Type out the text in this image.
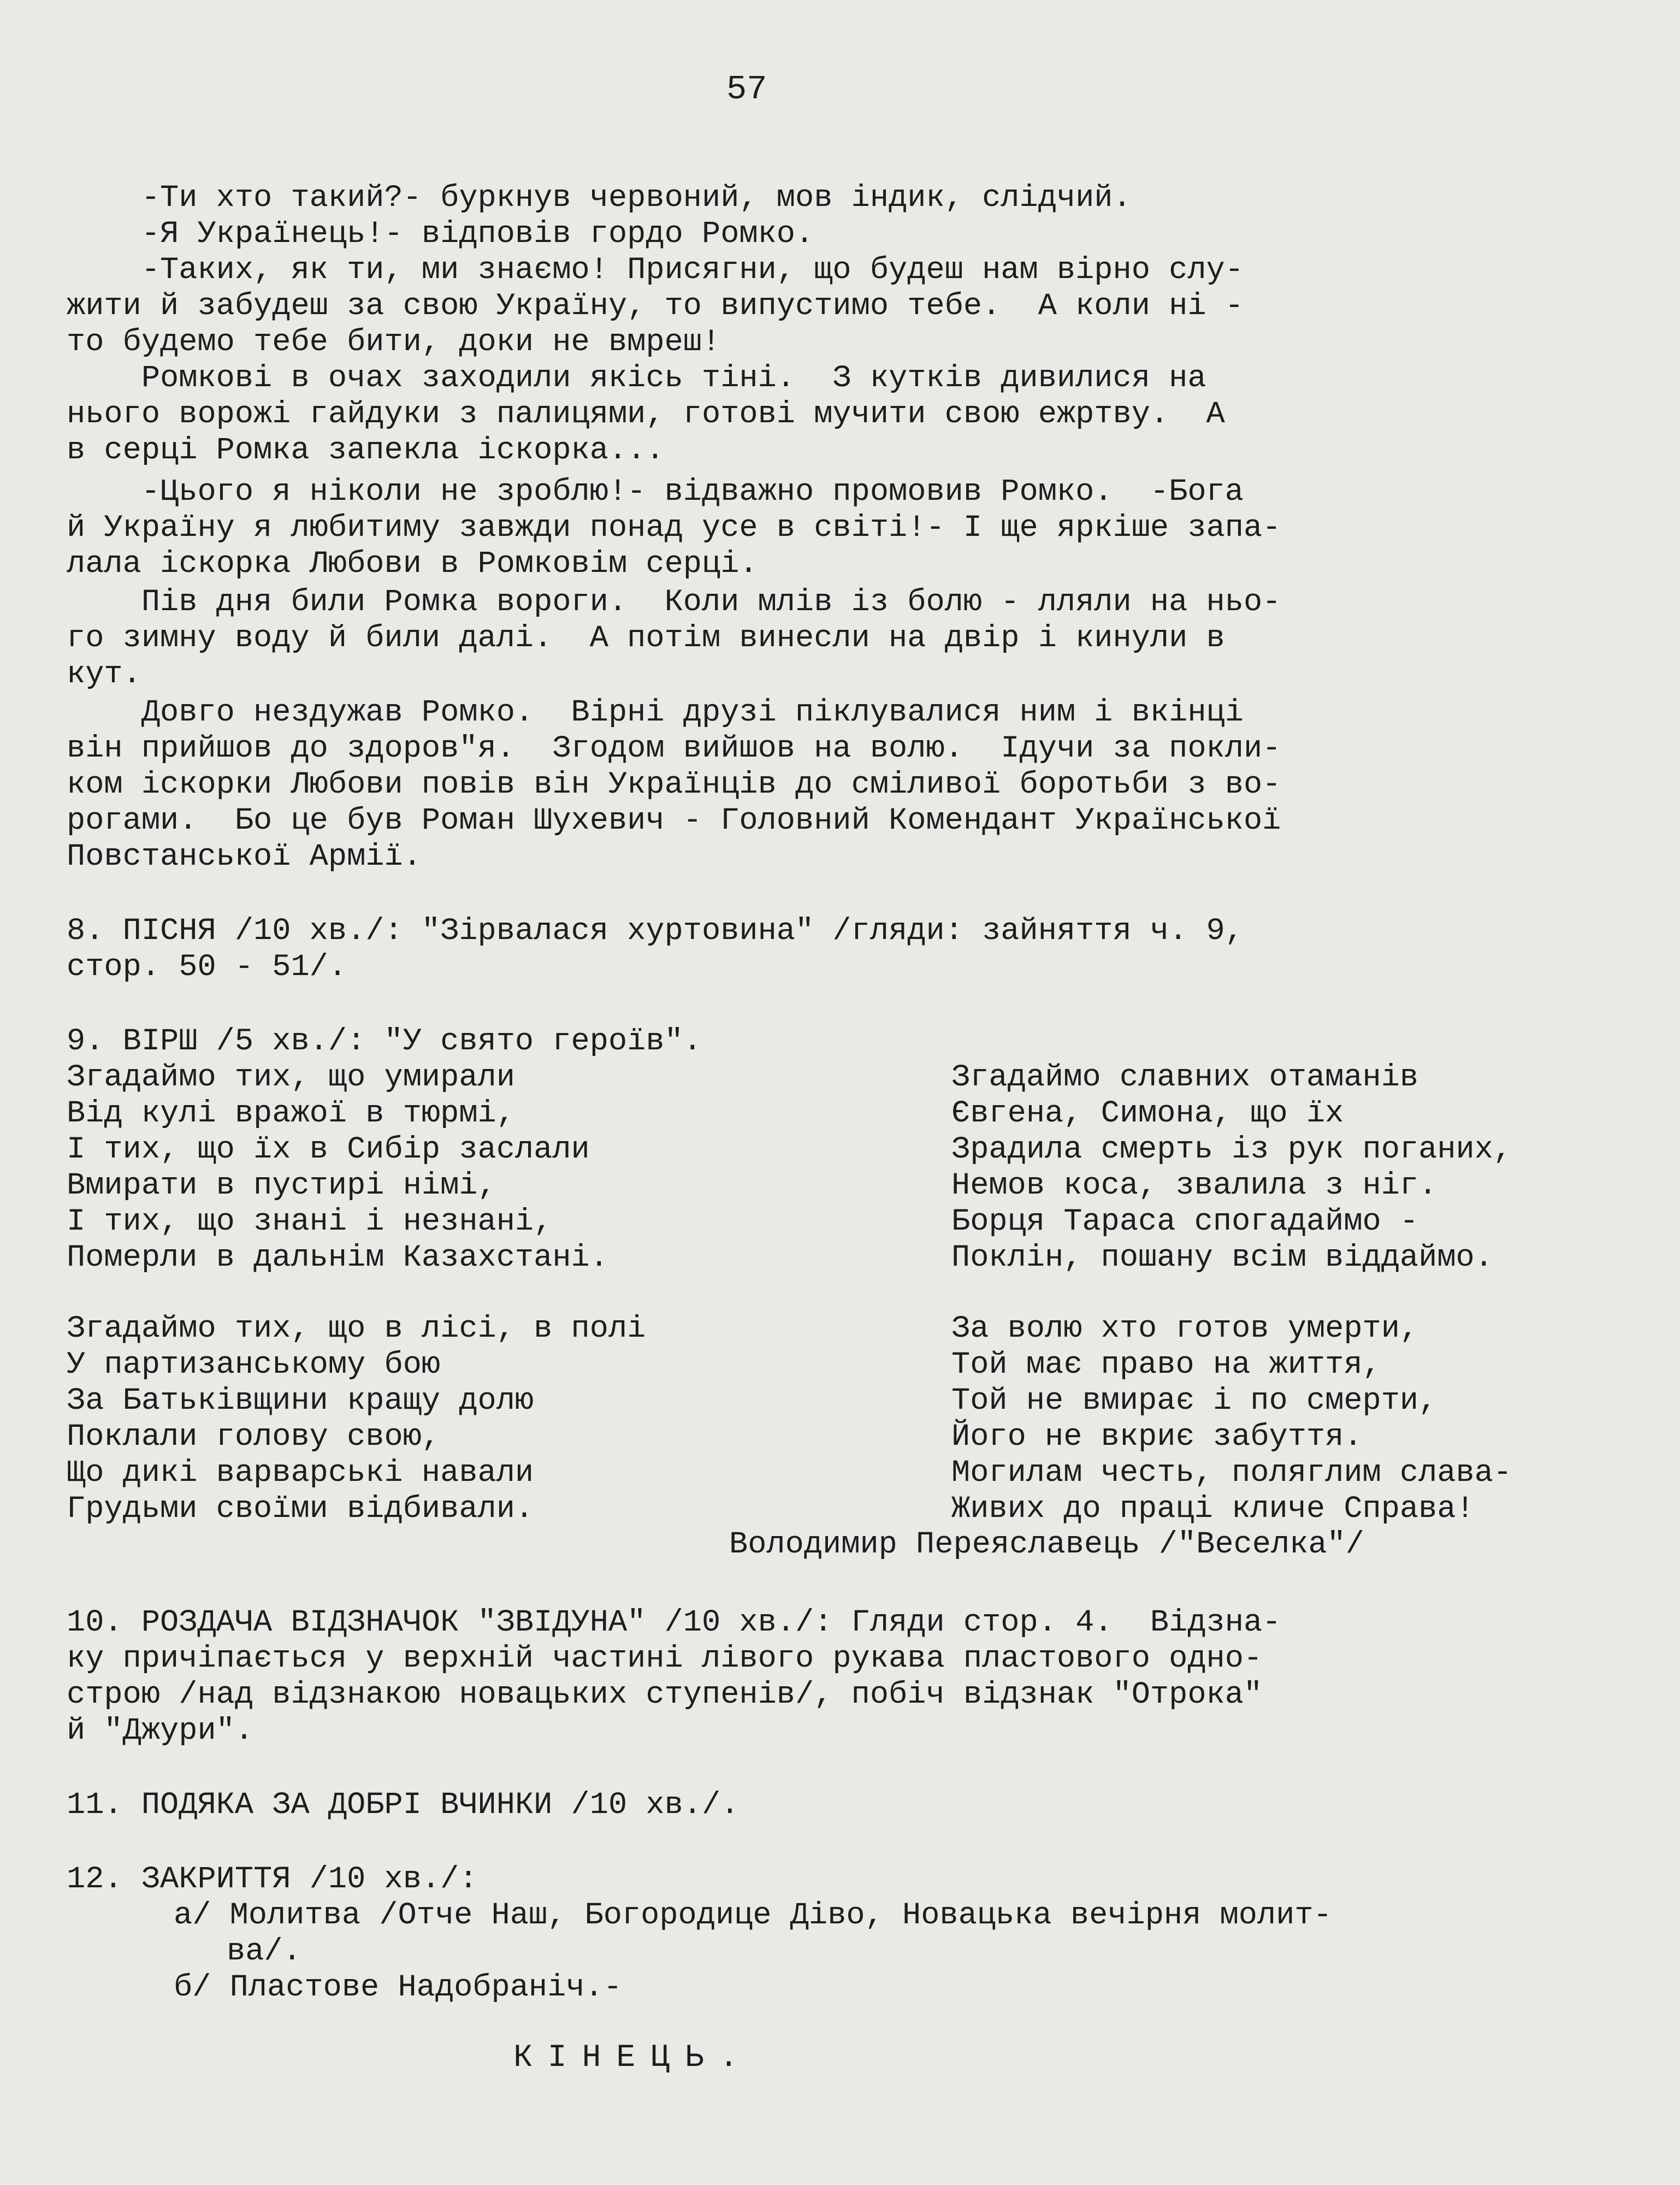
57
-Ти хто такий?- буркнув червоний, мов індик, слідчий.
-Я Українець!- відповів гордо Ромко.
-Таких, як ти, ми знаємо! Присягни, що будеш нам вірно слу-
жити й забудеш за свою Україну, то випустимо тебе.  А коли ні -
то будемо тебе бити, доки не вмреш!
Ромкові в очах заходили якісь тіні.  З кутків дивилися на
нього ворожі гайдуки з палицями, готові мучити свою ежртву.  А
в серці Ромка запекла іскорка...
-Цього я ніколи не зроблю!- відважно промовив Ромко.  -Бога
й Україну я любитиму завжди понад усе в світі!- І ще яркіше запа-
лала іскорка Любови в Ромковім серці.
Пів дня били Ромка вороги.  Коли млів із болю - лляли на ньо-
го зимну воду й били далі.  А потім винесли на двір і кинули в
кут.
Довго нездужав Ромко.  Вірні друзі піклувалися ним і вкінці
він прийшов до здоров"я.  Згодом вийшов на волю.  Ідучи за покли-
ком іскорки Любови повів він Українців до сміливої боротьби з во-
рогами.  Бо це був Роман Шухевич - Головний Комендант Української
Повстанської Армії.
8. ПІСНЯ /10 хв./: "Зірвалася хуртовина" /гляди: зайняття ч. 9,
стор. 50 - 51/.
9. ВІРШ /5 хв./: "У свято героїв".
Згадаймо тих, що умирали
Від кулі вражої в тюрмі,
І тих, що їх в Сибір заслали
Вмирати в пустирі німі,
І тих, що знані і незнані,
Померли в дальнім Казахстані.
Згадаймо славних отаманів
Євгена, Симона, що їх
Зрадила смерть із рук поганих,
Немов коса, звалила з ніг.
Борця Тараса спогадаймо -
Поклін, пошану всім віддаймо.
Згадаймо тих, що в лісі, в полі
У партизанському бою
За Батьківщини кращу долю
Поклали голову свою,
Що дикі варварські навали
Грудьми своїми відбивали.
За волю хто готов умерти,
Той має право на життя,
Той не вмирає і по смерти,
Його не вкриє забуття.
Могилам честь, поляглим слава-
Живих до праці кличе Справа!
Володимир Переяславець /"Веселка"/
10. РОЗДАЧА ВІДЗНАЧОК "ЗВІДУНА" /10 хв./: Гляди стор. 4.  Відзна-
ку причіпається у верхній частині лівого рукава пластового одно-
строю /над відзнакою новацьких ступенів/, побіч відзнак "Отрока"
й "Джури".
11. ПОДЯКА ЗА ДОБРІ ВЧИНКИ /10 хв./.
12. ЗАКРИТТЯ /10 хв./:
а/ Молитва /Отче Наш, Богородице Діво, Новацька вечірня молит-
ва/.
б/ Пластове Надобраніч.-
КІНЕЦЬ.
